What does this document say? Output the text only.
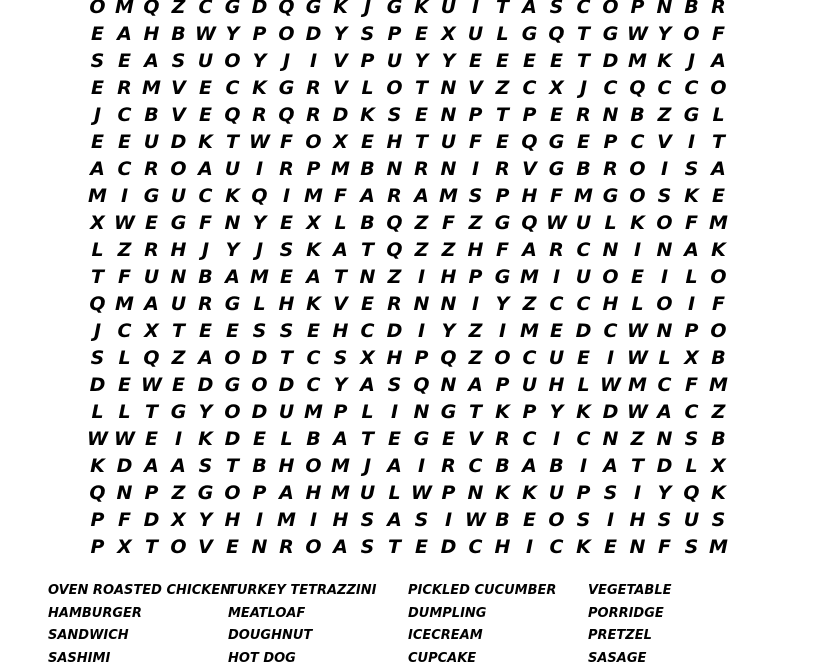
O M Q Z C G D Q G K J G K U I T A S C O P N B R
E A H B W Y P O D Y S P E X U L G Q T G W Y O F
S E A S U O Y J	I V P U Y Y E E E E T D M K J A
E R M V E C K G R V L O T N V Z C X J C Q C C O
J C B V E Q R Q R D K S E N P T P E R N B Z G L
E E U D K T W F O X E H T U F E Q G E P C V I T
A C R O A U I R P M B N R N I R V G B R O I S A
M I G U C K Q I M F A R A M S P H F M G O S K E
X W E G F N Y E X L B Q Z F Z G Q W U L K O F M
L Z R H J Y J S K A T Q Z Z H F A R C N I N A K
T F U N B A M E A T N Z I H P G M I U O E I L O
Q M A U R G L H K V E R N N I Y Z C C H L O I F
J C X T E E S S E H C D I Y Z I M E D C W N P O
S L Q Z A O D T C S X H P Q Z O C U E I W L X B
D E W E D G O D C Y A S Q N A P U H L W M C F M
L L T G Y O D U M P L I N G T K P Y K D W A C Z
W W E I K D E L B A T E G E V R C I C N Z N S B
K D A A S T B H O M J A I R C B A B I A T D L X
Q N P Z G O P A H M U L W P N K K U P S I Y Q K
P F D X Y H I M I H S A S I W B E O S I H S U S
P X T O V E N R O A S T E D C H I C K E N F S M
OVEN ROASTED CHICKEN
HAMBURGER
SANDWICH
SASHIMI
TURKEY TETRAZZINI
MEATLOAF
DOUGHNUT
HOT DOG
PICKLED CUCUMBER
DUMPLING
ICECREAM
CUPCAKE
VEGETABLE
PORRIDGE
PRETZEL
SASAGE
